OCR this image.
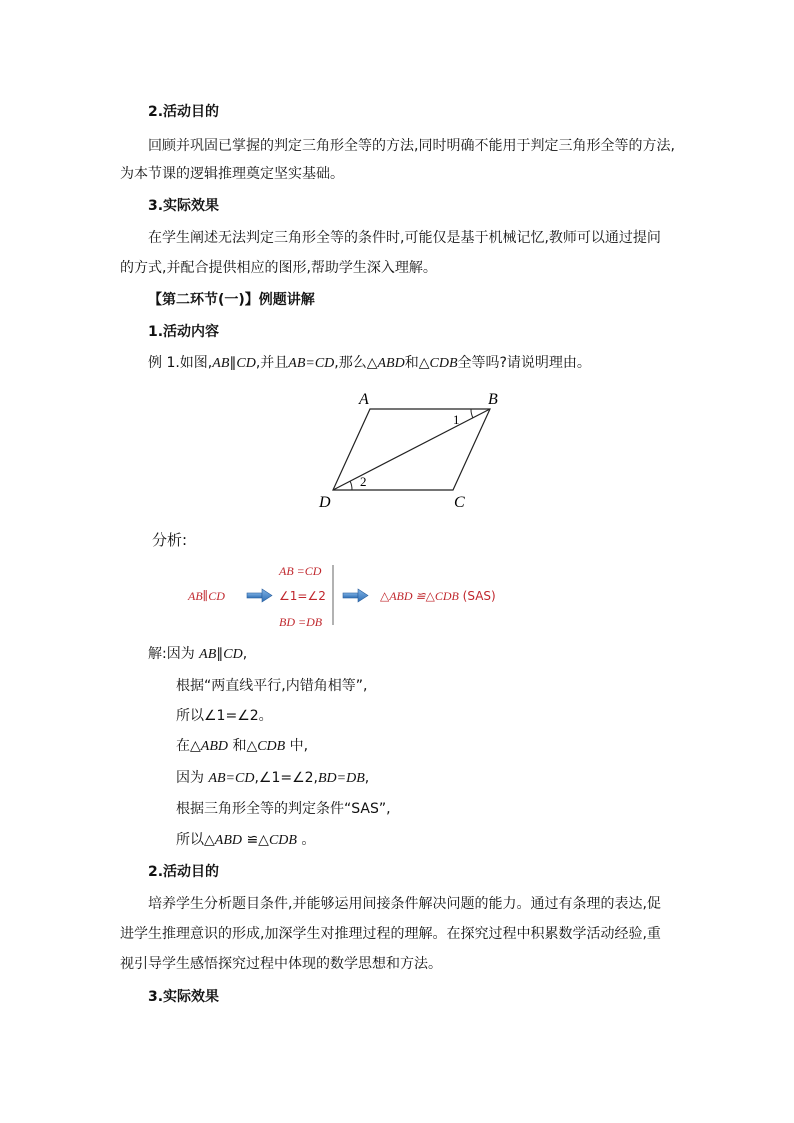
2.活动目的
回顾并巩固已掌握的判定三角形全等的方法,同时明确不能用于判定三角形全等的方法,
为本节课的逻辑推理奠定坚实基础。
3.实际效果
在学生阐述无法判定三角形全等的条件时,可能仅是基于机械记忆,教师可以通过提问
的方式,并配合提供相应的图形,帮助学生深入理解。
【第二环节(一)】例题讲解
1.活动内容
例 1.如图,AB∥CD,并且AB=CD,那么△ABD和△CDB全等吗?请说明理由。
A	B
C
D
1
2
分析:
AB∥CD
AB =CD
∠1=∠2
BD =DB
△ABD ≌△CDB (SAS)
解:因为 AB∥CD,
根据“两直线平行,内错角相等”,
所以∠1=∠2。
在△ABD 和△CDB 中,
因为 AB=CD,∠1=∠2,BD=DB,
根据三角形全等的判定条件“SAS”,
所以△ABD ≌△CDB 。
2.活动目的
培养学生分析题目条件,并能够运用间接条件解决问题的能力。通过有条理的表达,促
进学生推理意识的形成,加深学生对推理过程的理解。在探究过程中积累数学活动经验,重
视引导学生感悟探究过程中体现的数学思想和方法。
3.实际效果
